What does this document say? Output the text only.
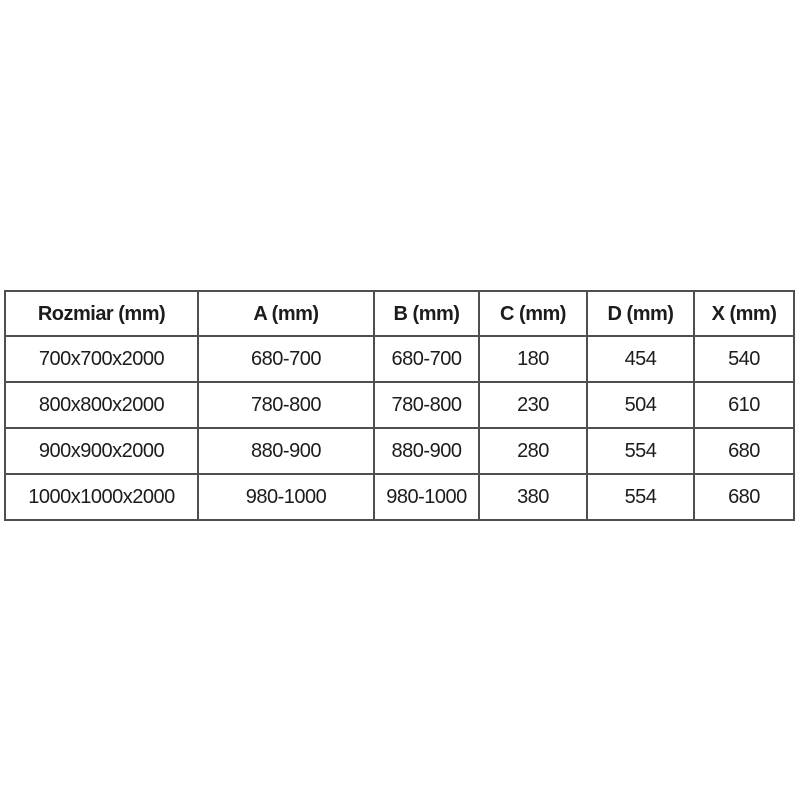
Rozmiar (mm)	A (mm)	B (mm)	C (mm)	D (mm)	X (mm)
700x700x2000	680-700	680-700	180	454	540
800x800x2000	780-800	780-800	230	504	610
900x900x2000	880-900	880-900	280	554	680
1000x1000x2000	980-1000	980-1000	380	554	680
